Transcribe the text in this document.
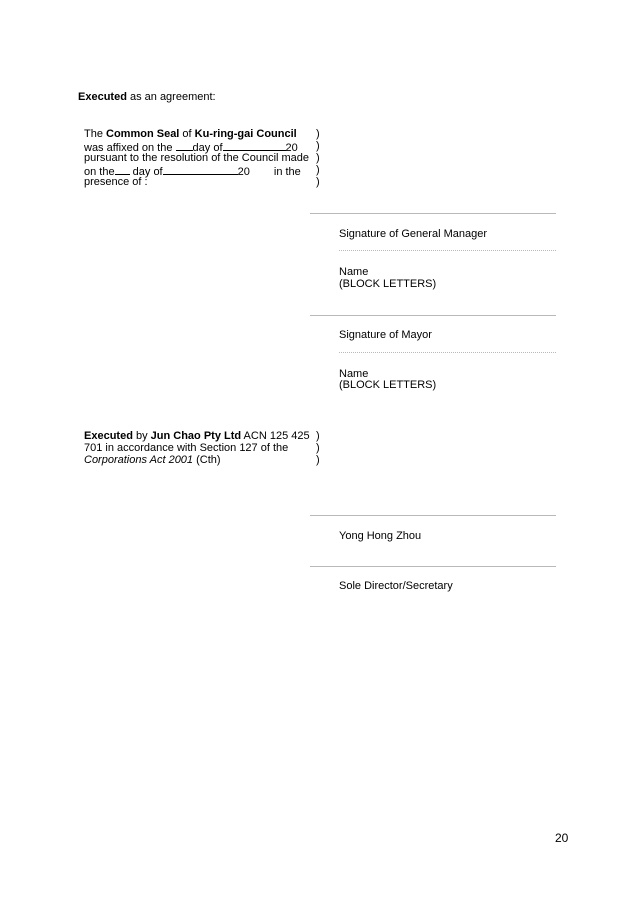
Executed as an agreement:
The Common Seal of Ku-ring-gai Council
was affixed on the day of	20
pursuant to the resolution of the Council made
on the day of	20 in the
presence of :
)
)
)
)
)
Signature of General Manager
Name
(BLOCK LETTERS)
Signature of Mayor
Name
(BLOCK LETTERS)
Executed by Jun Chao Pty Ltd ACN 125 425
701 in accordance with Section 127 of the
Corporations Act 2001 (Cth)
)
)
)
Yong Hong Zhou
Sole Director/Secretary
20
